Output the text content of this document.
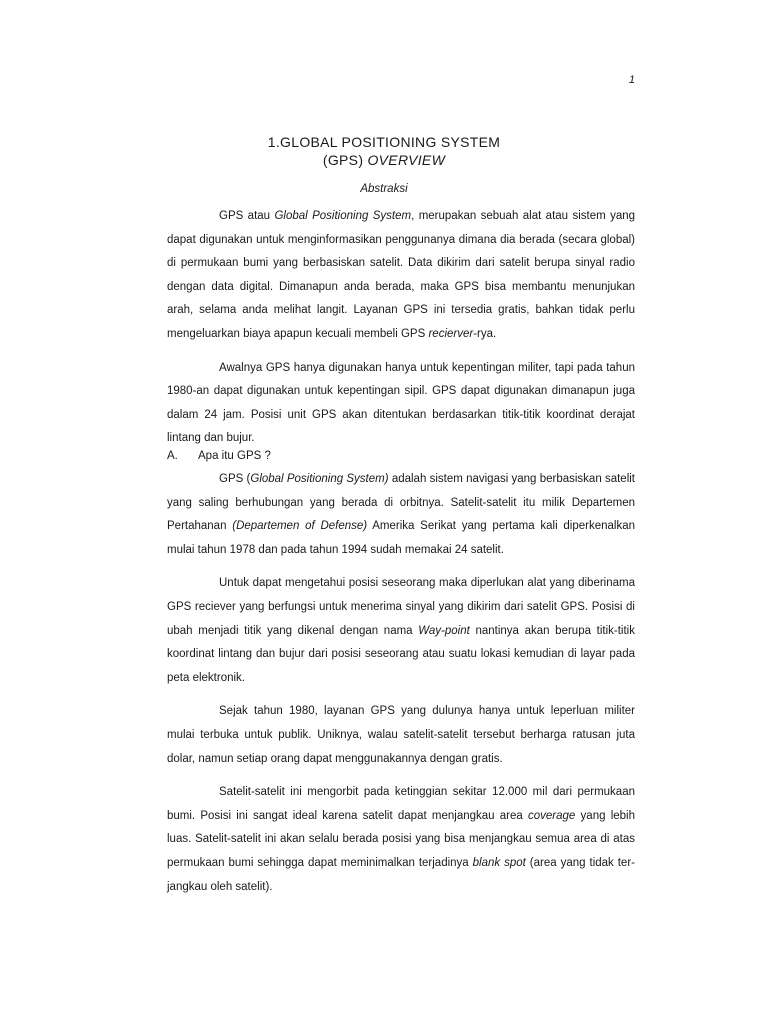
1
1.GLOBAL POSITIONING SYSTEM
(GPS) OVERVIEW
Abstraksi

GPS atau Global Positioning System, merupakan sebuah alat atau sistem yang dapat digunakan untuk menginformasikan penggunanya dimana dia berada (secara global) di permukaan bumi yang berbasiskan satelit. Data dikirim dari satelit berupa sinyal radio dengan data digital. Dimanapun anda berada, maka GPS bisa membantu menunjukan arah, selama anda melihat langit. Layanan GPS ini tersedia gratis, bahkan tidak perlu mengeluarkan biaya apapun kecuali membeli GPS recierver-rya.

Awalnya GPS hanya digunakan hanya untuk kepentingan militer, tapi pada tahun 1980-an dapat digunakan untuk kepentingan sipil. GPS dapat digunakan dimanapun juga dalam 24 jam. Posisi unit GPS akan ditentukan berdasarkan titik-titik koordinat derajat lintang dan bujur.

A. Apa itu GPS ?

GPS (Global Positioning System) adalah sistem navigasi yang berbasiskan satelit yang saling berhubungan yang berada di orbitnya. Satelit-satelit itu milik Departemen Pertahanan (Departemen of Defense) Amerika Serikat yang pertama kali diperkenalkan mulai tahun 1978 dan pada tahun 1994 sudah memakai 24 satelit.

Untuk dapat mengetahui posisi seseorang maka diperlukan alat yang diberinama GPS reciever yang berfungsi untuk menerima sinyal yang dikirim dari satelit GPS. Posisi di ubah menjadi titik yang dikenal dengan nama Way-point nantinya akan berupa titik-titik koordinat lintang dan bujur dari posisi seseorang atau suatu lokasi kemudian di layar pada peta elektronik.

Sejak tahun 1980, layanan GPS yang dulunya hanya untuk leperluan militer mulai terbuka untuk publik. Uniknya, walau satelit-satelit tersebut berharga ratusan juta dolar, namun setiap orang dapat menggunakannya dengan gratis.

Satelit-satelit ini mengorbit pada ketinggian sekitar 12.000 mil dari permukaan bumi. Posisi ini sangat ideal karena satelit dapat menjangkau area coverage yang lebih luas. Satelit-satelit ini akan selalu berada posisi yang bisa menjangkau semua area di atas permukaan bumi sehingga dapat meminimalkan terjadinya blank spot (area yang tidak ter-jangkau oleh satelit).
